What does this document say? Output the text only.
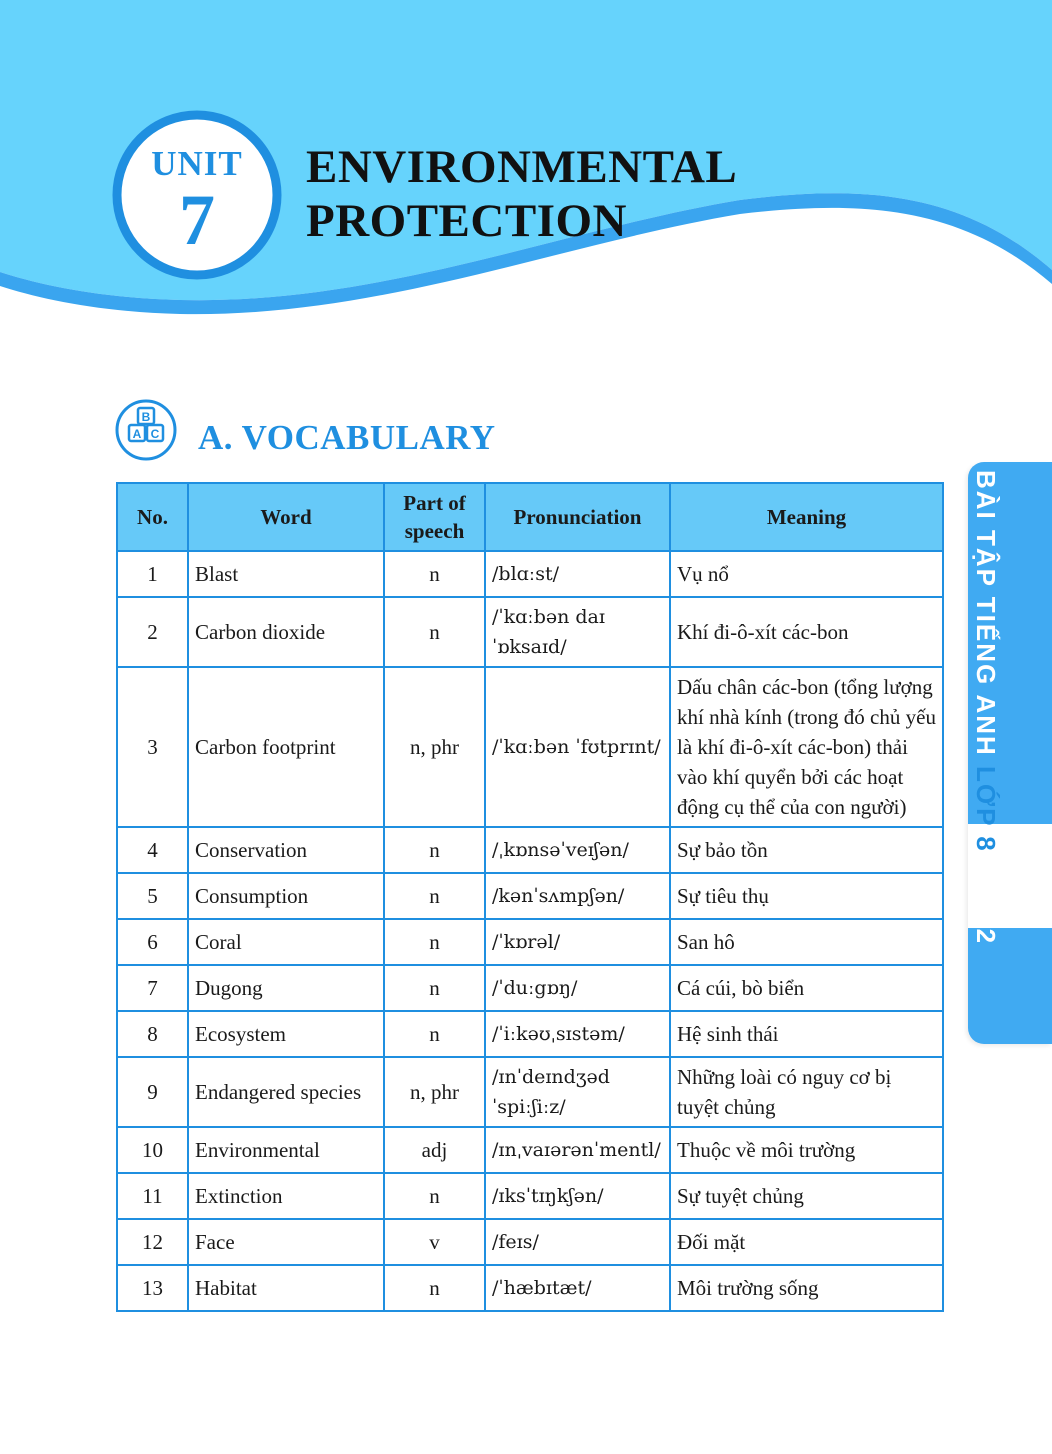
UNIT
7
ENVIRONMENTAL
PROTECTION
B
A C A. VOCABULARY
BÀI TẬP TIẾNG ANH LỚP 8 TẬP 2
No.	Word	Part of speech	Pronunciation	Meaning
1	Blast	n	/blɑːst/	Vụ nổ
2	Carbon dioxide	n	/ˈkɑːbən daɪˈɒksaɪd/	Khí đi-ô-xít các-bon
3	Carbon footprint	n, phr	/ˈkɑːbən ˈfʊtprɪnt/	Dấu chân các-bon (tổng lượng khí nhà kính (trong đó chủ yếu là khí đi-ô-xít các-bon) thải vào khí quyển bởi các hoạt động cụ thể của con người)
4	Conservation	n	/ˌkɒnsəˈveɪʃən/	Sự bảo tồn
5	Consumption	n	/kənˈsʌmpʃən/	Sự tiêu thụ
6	Coral	n	/ˈkɒrəl/	San hô
7	Dugong	n	/ˈduːgɒŋ/	Cá cúi, bò biển
8	Ecosystem	n	/ˈiːkəʊˌsɪstəm/	Hệ sinh thái
9	Endangered species	n, phr	/ɪnˈdeɪndʒəd ˈspiːʃiːz/	Những loài có nguy cơ bị tuyệt chủng
10	Environmental	adj	/ɪnˌvaɪərənˈmentl/	Thuộc về môi trường
11	Extinction	n	/ɪksˈtɪŋkʃən/	Sự tuyệt chủng
12	Face	v	/feɪs/	Đối mặt
13	Habitat	n	/ˈhæbɪtæt/	Môi trường sống
